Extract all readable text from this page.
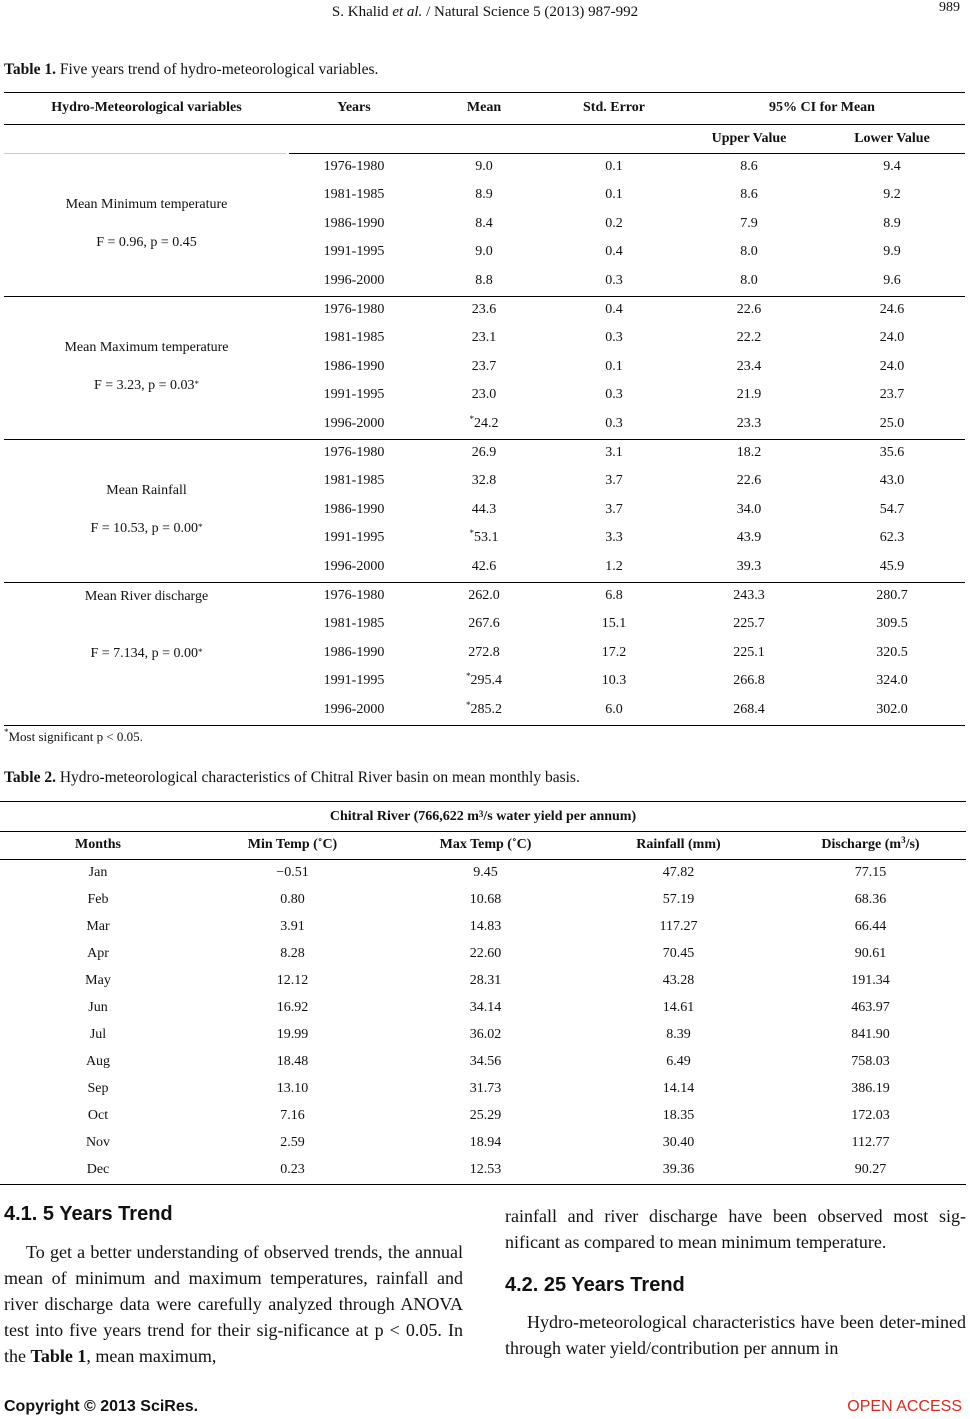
S. Khalid et al. / Natural Science 5 (2013) 987-992	989
Table 1. Five years trend of hydro-meteorological variables.
Hydro-Meteorological variables	Years	Mean	Std. Error	95% CI for Mean
Upper Value	Lower Value
Mean Minimum temperature
F = 0.96, p = 0.45
1976-1980	9.0	0.1	8.6	9.4
1981-1985	8.9	0.1	8.6	9.2
1986-1990	8.4	0.2	7.9	8.9
1991-1995	9.0	0.4	8.0	9.9
1996-2000	8.8	0.3	8.0	9.6
Mean Maximum temperature
F = 3.23, p = 0.03*
1976-1980	23.6	0.4	22.6	24.6
1981-1985	23.1	0.3	22.2	24.0
1986-1990	23.7	0.1	23.4	24.0
1991-1995	23.0	0.3	21.9	23.7
1996-2000	*24.2	0.3	23.3	25.0
Mean Rainfall
F = 10.53, p = 0.00*
1976-1980	26.9	3.1	18.2	35.6
1981-1985	32.8	3.7	22.6	43.0
1986-1990	44.3	3.7	34.0	54.7
1991-1995	*53.1	3.3	43.9	62.3
1996-2000	42.6	1.2	39.3	45.9
Mean River discharge
F = 7.134, p = 0.00*
1976-1980	262.0	6.8	243.3	280.7
1981-1985	267.6	15.1	225.7	309.5
1986-1990	272.8	17.2	225.1	320.5
1991-1995	*295.4	10.3	266.8	324.0
1996-2000	*285.2	6.0	268.4	302.0
*Most significant p < 0.05.
Table 2. Hydro-meteorological characteristics of Chitral River basin on mean monthly basis.
Chitral River (766,622 $m^3/s$ water yield per annum)
Months	Min Temp (˚C)	Max Temp (˚C)	Rainfall (mm)	Discharge $(m^3/s)$
Jan	−0.51	9.45	47.82	77.15
Feb	0.80	10.68	57.19	68.36
Mar	3.91	14.83	117.27	66.44
Apr	8.28	22.60	70.45	90.61
May	12.12	28.31	43.28	191.34
Jun	16.92	34.14	14.61	463.97
Jul	19.99	36.02	8.39	841.90
Aug	18.48	34.56	6.49	758.03
Sep	13.10	31.73	14.14	386.19
Oct	7.16	25.29	18.35	172.03
Nov	2.59	18.94	30.40	112.77
Dec	0.23	12.53	39.36	90.27
4.1. 5 Years Trend

To get a better understanding of observed trends, the annual mean of minimum and maximum temperatures, rainfall and river discharge data were carefully analyzed through ANOVA test into five years trend for their sig-nificance at p < 0.05. In the Table 1, mean maximum,

rainfall and river discharge have been observed most sig-nificant as compared to mean minimum temperature.

4.2. 25 Years Trend

Hydro-meteorological characteristics have been deter-mined through water yield/contribution per annum in

Copyright © 2013 SciRes.	OPEN ACCESS
